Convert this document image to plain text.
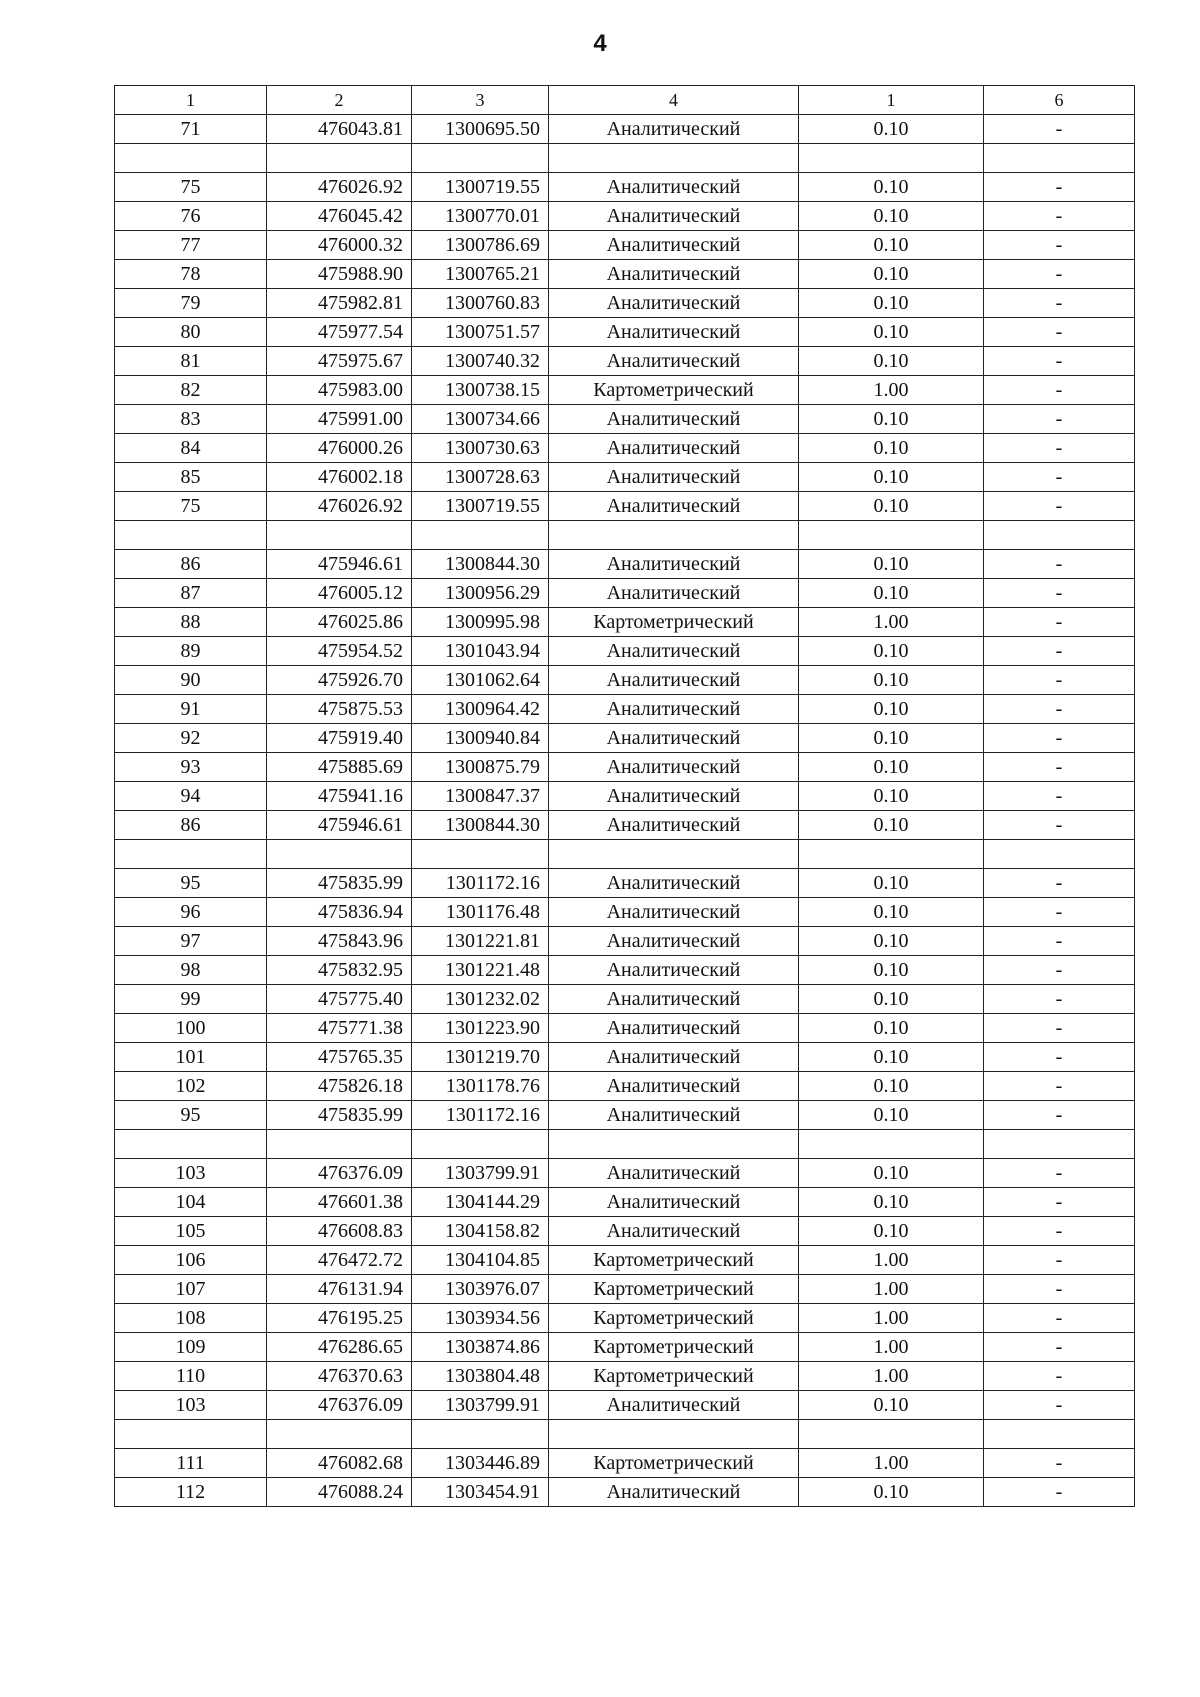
4
1	2	3	4	1	6
71	476043.81	1300695.50	Аналитический	0.10	-

75	476026.92	1300719.55	Аналитический	0.10	-
76	476045.42	1300770.01	Аналитический	0.10	-
77	476000.32	1300786.69	Аналитический	0.10	-
78	475988.90	1300765.21	Аналитический	0.10	-
79	475982.81	1300760.83	Аналитический	0.10	-
80	475977.54	1300751.57	Аналитический	0.10	-
81	475975.67	1300740.32	Аналитический	0.10	-
82	475983.00	1300738.15	Картометрический	1.00	-
83	475991.00	1300734.66	Аналитический	0.10	-
84	476000.26	1300730.63	Аналитический	0.10	-
85	476002.18	1300728.63	Аналитический	0.10	-
75	476026.92	1300719.55	Аналитический	0.10	-

86	475946.61	1300844.30	Аналитический	0.10	-
87	476005.12	1300956.29	Аналитический	0.10	-
88	476025.86	1300995.98	Картометрический	1.00	-
89	475954.52	1301043.94	Аналитический	0.10	-
90	475926.70	1301062.64	Аналитический	0.10	-
91	475875.53	1300964.42	Аналитический	0.10	-
92	475919.40	1300940.84	Аналитический	0.10	-
93	475885.69	1300875.79	Аналитический	0.10	-
94	475941.16	1300847.37	Аналитический	0.10	-
86	475946.61	1300844.30	Аналитический	0.10	-

95	475835.99	1301172.16	Аналитический	0.10	-
96	475836.94	1301176.48	Аналитический	0.10	-
97	475843.96	1301221.81	Аналитический	0.10	-
98	475832.95	1301221.48	Аналитический	0.10	-
99	475775.40	1301232.02	Аналитический	0.10	-
100	475771.38	1301223.90	Аналитический	0.10	-
101	475765.35	1301219.70	Аналитический	0.10	-
102	475826.18	1301178.76	Аналитический	0.10	-
95	475835.99	1301172.16	Аналитический	0.10	-

103	476376.09	1303799.91	Аналитический	0.10	-
104	476601.38	1304144.29	Аналитический	0.10	-
105	476608.83	1304158.82	Аналитический	0.10	-
106	476472.72	1304104.85	Картометрический	1.00	-
107	476131.94	1303976.07	Картометрический	1.00	-
108	476195.25	1303934.56	Картометрический	1.00	-
109	476286.65	1303874.86	Картометрический	1.00	-
110	476370.63	1303804.48	Картометрический	1.00	-
103	476376.09	1303799.91	Аналитический	0.10	-

111	476082.68	1303446.89	Картометрический	1.00	-
112	476088.24	1303454.91	Аналитический	0.10	-
